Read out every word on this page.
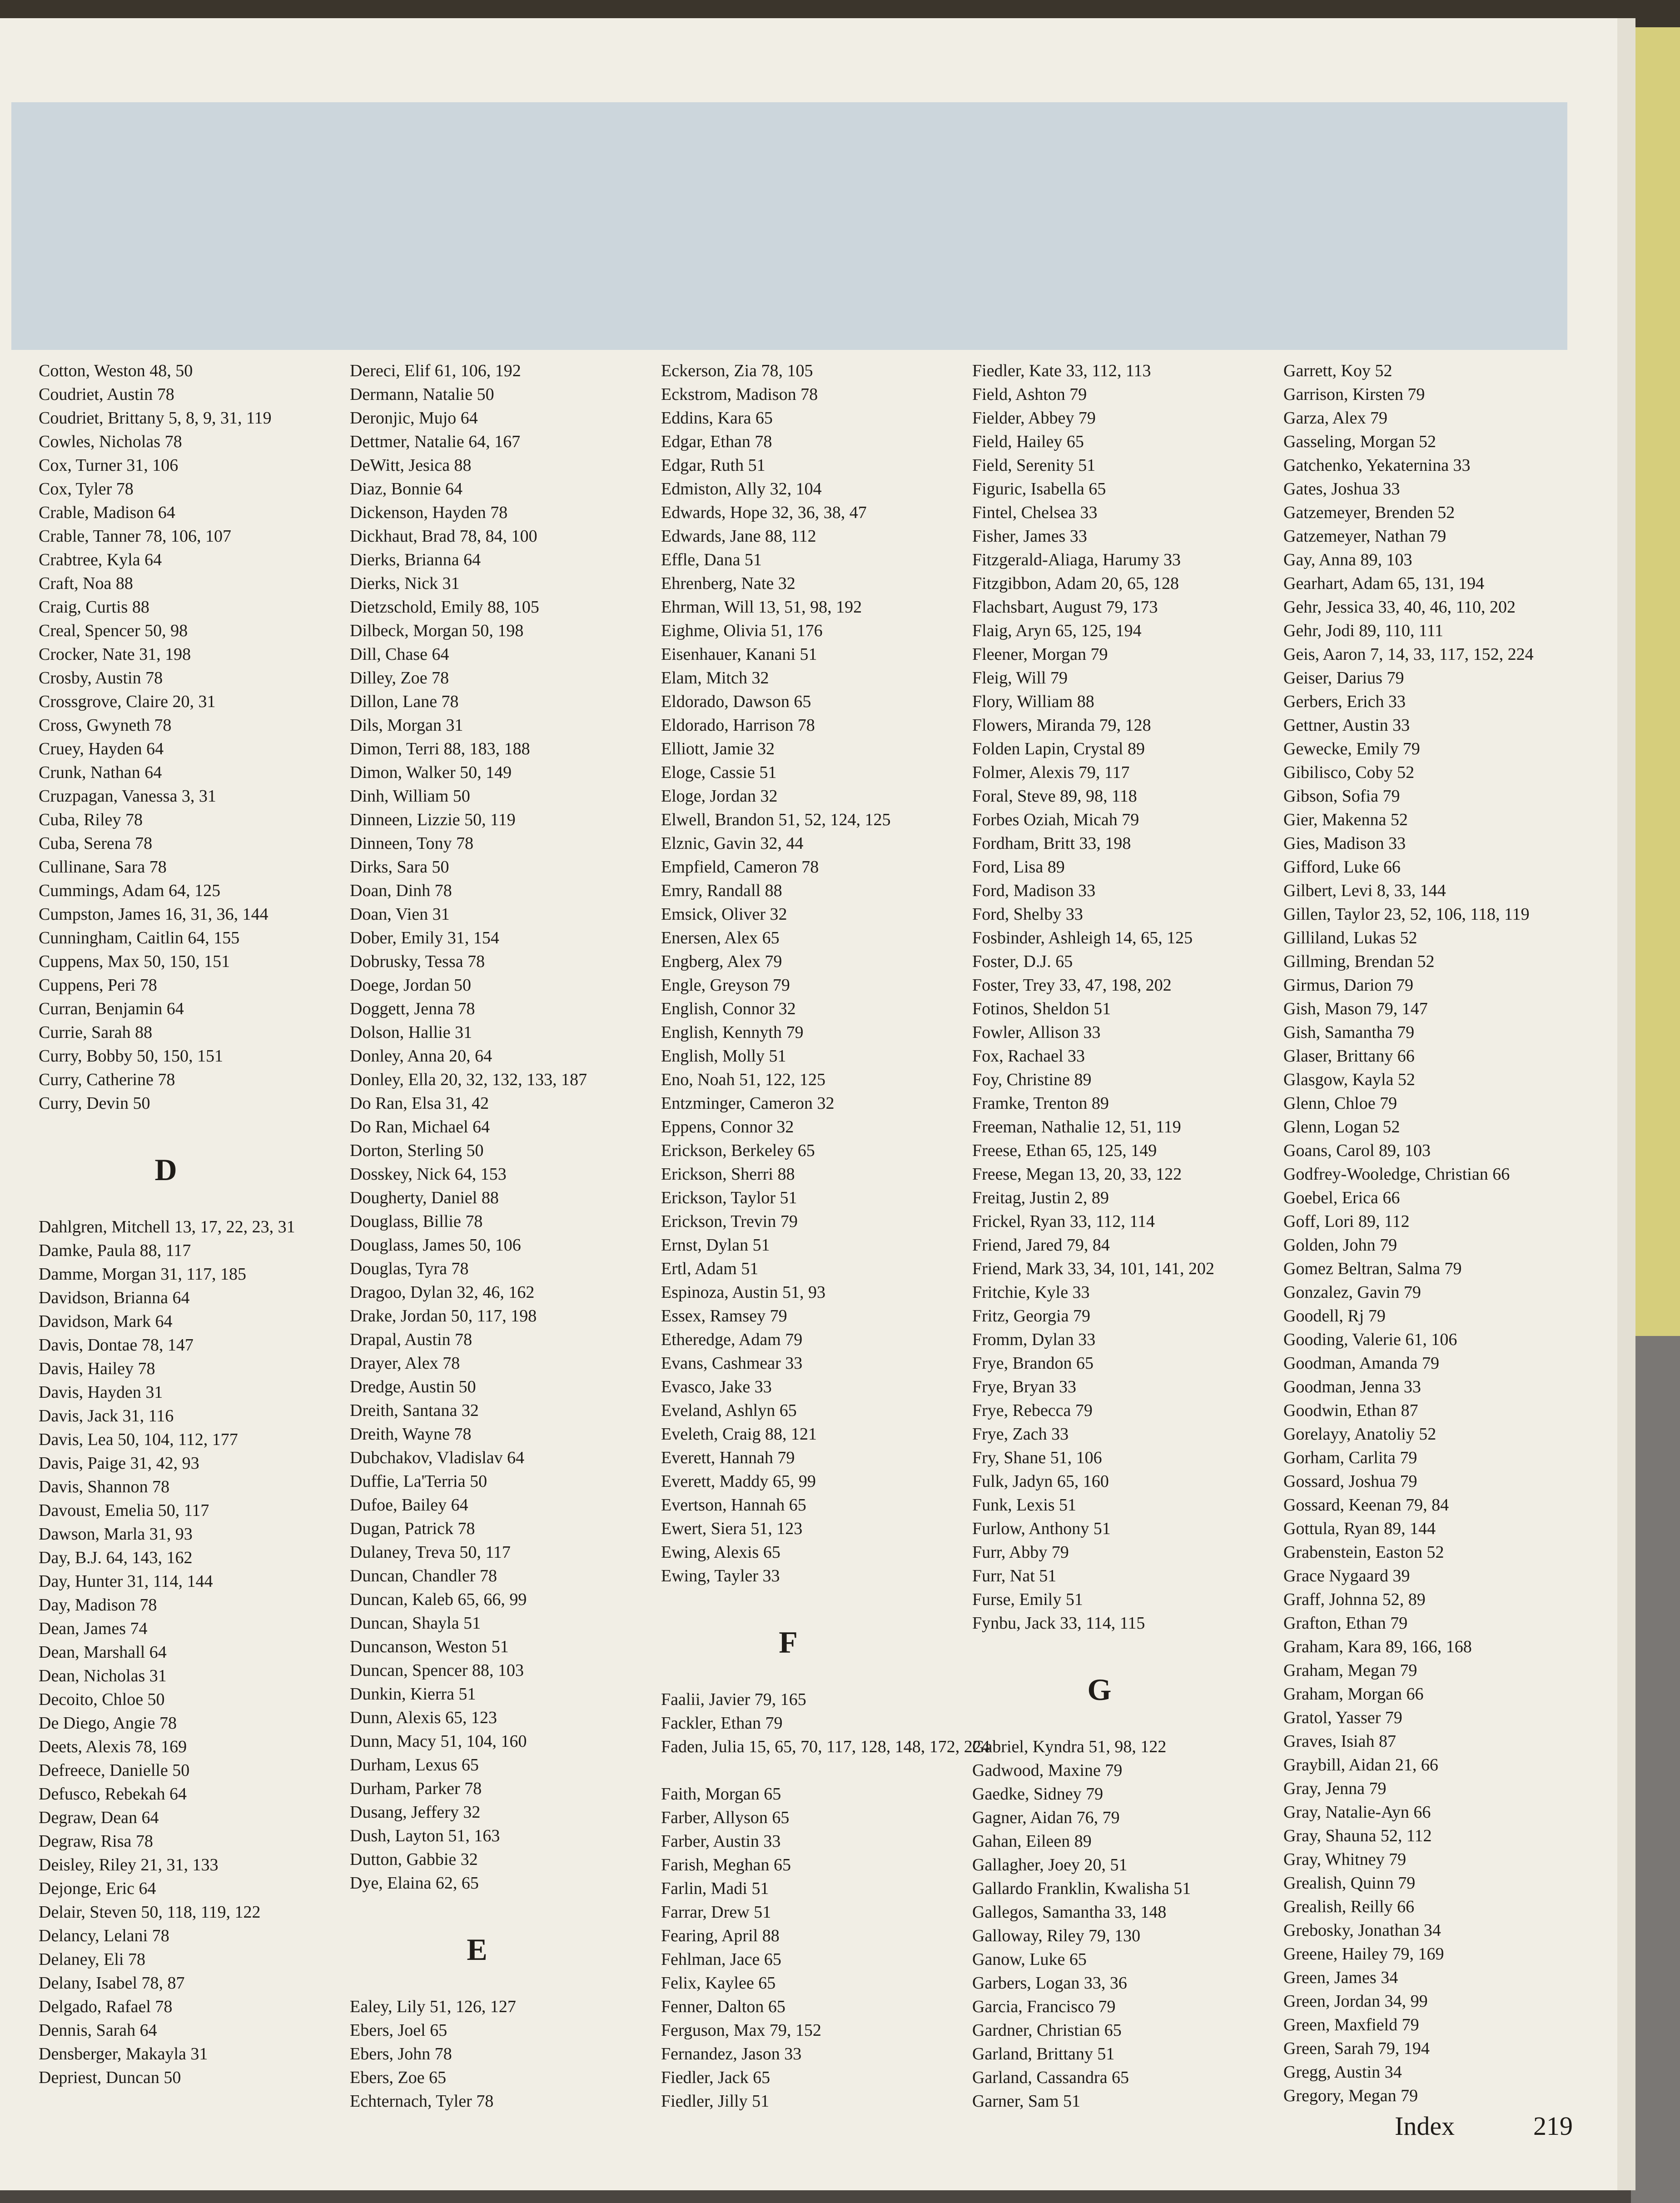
Cotton, Weston 48, 50
Coudriet, Austin 78
Coudriet, Brittany 5, 8, 9, 31, 119
Cowles, Nicholas 78
Cox, Turner 31, 106
Cox, Tyler 78
Crable, Madison 64
Crable, Tanner 78, 106, 107
Crabtree, Kyla 64
Craft, Noa 88
Craig, Curtis 88
Creal, Spencer 50, 98
Crocker, Nate 31, 198
Crosby, Austin 78
Crossgrove, Claire 20, 31
Cross, Gwyneth 78
Cruey, Hayden 64
Crunk, Nathan 64
Cruzpagan, Vanessa 3, 31
Cuba, Riley 78
Cuba, Serena 78
Cullinane, Sara 78
Cummings, Adam 64, 125
Cumpston, James 16, 31, 36, 144
Cunningham, Caitlin 64, 155
Cuppens, Max 50, 150, 151
Cuppens, Peri 78
Curran, Benjamin 64
Currie, Sarah 88
Curry, Bobby 50, 150, 151
Curry, Catherine 78
Curry, Devin 50
D
Dahlgren, Mitchell 13, 17, 22, 23, 31
Damke, Paula 88, 117
Damme, Morgan 31, 117, 185
Davidson, Brianna 64
Davidson, Mark 64
Davis, Dontae 78, 147
Davis, Hailey 78
Davis, Hayden 31
Davis, Jack 31, 116
Davis, Lea 50, 104, 112, 177
Davis, Paige 31, 42, 93
Davis, Shannon 78
Davoust, Emelia 50, 117
Dawson, Marla 31, 93
Day, B.J. 64, 143, 162
Day, Hunter 31, 114, 144
Day, Madison 78
Dean, James 74
Dean, Marshall 64
Dean, Nicholas 31
Decoito, Chloe 50
De Diego, Angie 78
Deets, Alexis 78, 169
Defreece, Danielle 50
Defusco, Rebekah 64
Degraw, Dean 64
Degraw, Risa 78
Deisley, Riley 21, 31, 133
Dejonge, Eric 64
Delair, Steven 50, 118, 119, 122
Delancy, Lelani 78
Delaney, Eli 78
Delany, Isabel 78, 87
Delgado, Rafael 78
Dennis, Sarah 64
Densberger, Makayla 31
Depriest, Duncan 50
Dereci, Elif 61, 106, 192
Dermann, Natalie 50
Deronjic, Mujo 64
Dettmer, Natalie 64, 167
DeWitt, Jesica 88
Diaz, Bonnie 64
Dickenson, Hayden 78
Dickhaut, Brad 78, 84, 100
Dierks, Brianna 64
Dierks, Nick 31
Dietzschold, Emily 88, 105
Dilbeck, Morgan 50, 198
Dill, Chase 64
Dilley, Zoe 78
Dillon, Lane 78
Dils, Morgan 31
Dimon, Terri 88, 183, 188
Dimon, Walker 50, 149
Dinh, William 50
Dinneen, Lizzie 50, 119
Dinneen, Tony 78
Dirks, Sara 50
Doan, Dinh 78
Doan, Vien 31
Dober, Emily 31, 154
Dobrusky, Tessa 78
Doege, Jordan 50
Doggett, Jenna 78
Dolson, Hallie 31
Donley, Anna 20, 64
Donley, Ella 20, 32, 132, 133, 187
Do Ran, Elsa 31, 42
Do Ran, Michael 64
Dorton, Sterling 50
Dosskey, Nick 64, 153
Dougherty, Daniel 88
Douglass, Billie 78
Douglass, James 50, 106
Douglas, Tyra 78
Dragoo, Dylan 32, 46, 162
Drake, Jordan 50, 117, 198
Drapal, Austin 78
Drayer, Alex 78
Dredge, Austin 50
Dreith, Santana 32
Dreith, Wayne 78
Dubchakov, Vladislav 64
Duffie, La'Terria 50
Dufoe, Bailey 64
Dugan, Patrick 78
Dulaney, Treva 50, 117
Duncan, Chandler 78
Duncan, Kaleb 65, 66, 99
Duncan, Shayla 51
Duncanson, Weston 51
Duncan, Spencer 88, 103
Dunkin, Kierra 51
Dunn, Alexis 65, 123
Dunn, Macy 51, 104, 160
Durham, Lexus 65
Durham, Parker 78
Dusang, Jeffery 32
Dush, Layton 51, 163
Dutton, Gabbie 32
Dye, Elaina 62, 65
E
Ealey, Lily 51, 126, 127
Ebers, Joel 65
Ebers, John 78
Ebers, Zoe 65
Echternach, Tyler 78
Eckerson, Zia 78, 105
Eckstrom, Madison 78
Eddins, Kara 65
Edgar, Ethan 78
Edgar, Ruth 51
Edmiston, Ally 32, 104
Edwards, Hope 32, 36, 38, 47
Edwards, Jane 88, 112
Effle, Dana 51
Ehrenberg, Nate 32
Ehrman, Will 13, 51, 98, 192
Eighme, Olivia 51, 176
Eisenhauer, Kanani 51
Elam, Mitch 32
Eldorado, Dawson 65
Eldorado, Harrison 78
Elliott, Jamie 32
Eloge, Cassie 51
Eloge, Jordan 32
Elwell, Brandon 51, 52, 124, 125
Elznic, Gavin 32, 44
Empfield, Cameron 78
Emry, Randall 88
Emsick, Oliver 32
Enersen, Alex 65
Engberg, Alex 79
Engle, Greyson 79
English, Connor 32
English, Kennyth 79
English, Molly 51
Eno, Noah 51, 122, 125
Entzminger, Cameron 32
Eppens, Connor 32
Erickson, Berkeley 65
Erickson, Sherri 88
Erickson, Taylor 51
Erickson, Trevin 79
Ernst, Dylan 51
Ertl, Adam 51
Espinoza, Austin 51, 93
Essex, Ramsey 79
Etheredge, Adam 79
Evans, Cashmear 33
Evasco, Jake 33
Eveland, Ashlyn 65
Eveleth, Craig 88, 121
Everett, Hannah 79
Everett, Maddy 65, 99
Evertson, Hannah 65
Ewert, Siera 51, 123
Ewing, Alexis 65
Ewing, Tayler 33
F
Faalii, Javier 79, 165
Fackler, Ethan 79
Faden, Julia 15, 65, 70, 117, 128, 148, 172, 224
Faith, Morgan 65
Farber, Allyson 65
Farber, Austin 33
Farish, Meghan 65
Farlin, Madi 51
Farrar, Drew 51
Fearing, April 88
Fehlman, Jace 65
Felix, Kaylee 65
Fenner, Dalton 65
Ferguson, Max 79, 152
Fernandez, Jason 33
Fiedler, Jack 65
Fiedler, Jilly 51
Fiedler, Kate 33, 112, 113
Field, Ashton 79
Fielder, Abbey 79
Field, Hailey 65
Field, Serenity 51
Figuric, Isabella 65
Fintel, Chelsea 33
Fisher, James 33
Fitzgerald-Aliaga, Harumy 33
Fitzgibbon, Adam 20, 65, 128
Flachsbart, August 79, 173
Flaig, Aryn 65, 125, 194
Fleener, Morgan 79
Fleig, Will 79
Flory, William 88
Flowers, Miranda 79, 128
Folden Lapin, Crystal 89
Folmer, Alexis 79, 117
Foral, Steve 89, 98, 118
Forbes Oziah, Micah 79
Fordham, Britt 33, 198
Ford, Lisa 89
Ford, Madison 33
Ford, Shelby 33
Fosbinder, Ashleigh 14, 65, 125
Foster, D.J. 65
Foster, Trey 33, 47, 198, 202
Fotinos, Sheldon 51
Fowler, Allison 33
Fox, Rachael 33
Foy, Christine 89
Framke, Trenton 89
Freeman, Nathalie 12, 51, 119
Freese, Ethan 65, 125, 149
Freese, Megan 13, 20, 33, 122
Freitag, Justin 2, 89
Frickel, Ryan 33, 112, 114
Friend, Jared 79, 84
Friend, Mark 33, 34, 101, 141, 202
Fritchie, Kyle 33
Fritz, Georgia 79
Fromm, Dylan 33
Frye, Brandon 65
Frye, Bryan 33
Frye, Rebecca 79
Frye, Zach 33
Fry, Shane 51, 106
Fulk, Jadyn 65, 160
Funk, Lexis 51
Furlow, Anthony 51
Furr, Abby 79
Furr, Nat 51
Furse, Emily 51
Fynbu, Jack 33, 114, 115
G
Gabriel, Kyndra 51, 98, 122
Gadwood, Maxine 79
Gaedke, Sidney 79
Gagner, Aidan 76, 79
Gahan, Eileen 89
Gallagher, Joey 20, 51
Gallardo Franklin, Kwalisha 51
Gallegos, Samantha 33, 148
Galloway, Riley 79, 130
Ganow, Luke 65
Garbers, Logan 33, 36
Garcia, Francisco 79
Gardner, Christian 65
Garland, Brittany 51
Garland, Cassandra 65
Garner, Sam 51
Garrett, Koy 52
Garrison, Kirsten 79
Garza, Alex 79
Gasseling, Morgan 52
Gatchenko, Yekaternina 33
Gates, Joshua 33
Gatzemeyer, Brenden 52
Gatzemeyer, Nathan 79
Gay, Anna 89, 103
Gearhart, Adam 65, 131, 194
Gehr, Jessica 33, 40, 46, 110, 202
Gehr, Jodi 89, 110, 111
Geis, Aaron 7, 14, 33, 117, 152, 224
Geiser, Darius 79
Gerbers, Erich 33
Gettner, Austin 33
Gewecke, Emily 79
Gibilisco, Coby 52
Gibson, Sofia 79
Gier, Makenna 52
Gies, Madison 33
Gifford, Luke 66
Gilbert, Levi 8, 33, 144
Gillen, Taylor 23, 52, 106, 118, 119
Gilliland, Lukas 52
Gillming, Brendan 52
Girmus, Darion 79
Gish, Mason 79, 147
Gish, Samantha 79
Glaser, Brittany 66
Glasgow, Kayla 52
Glenn, Chloe 79
Glenn, Logan 52
Goans, Carol 89, 103
Godfrey-Wooledge, Christian 66
Goebel, Erica 66
Goff, Lori 89, 112
Golden, John 79
Gomez Beltran, Salma 79
Gonzalez, Gavin 79
Goodell, Rj 79
Gooding, Valerie 61, 106
Goodman, Amanda 79
Goodman, Jenna 33
Goodwin, Ethan 87
Gorelayy, Anatoliy 52
Gorham, Carlita 79
Gossard, Joshua 79
Gossard, Keenan 79, 84
Gottula, Ryan 89, 144
Grabenstein, Easton 52
Grace Nygaard 39
Graff, Johnna 52, 89
Grafton, Ethan 79
Graham, Kara 89, 166, 168
Graham, Megan 79
Graham, Morgan 66
Gratol, Yasser 79
Graves, Isiah 87
Graybill, Aidan 21, 66
Gray, Jenna 79
Gray, Natalie-Ayn 66
Gray, Shauna 52, 112
Gray, Whitney 79
Grealish, Quinn 79
Grealish, Reilly 66
Grebosky, Jonathan 34
Greene, Hailey 79, 169
Green, James 34
Green, Jordan 34, 99
Green, Maxfield 79
Green, Sarah 79, 194
Gregg, Austin 34
Gregory, Megan 79
Index	219
